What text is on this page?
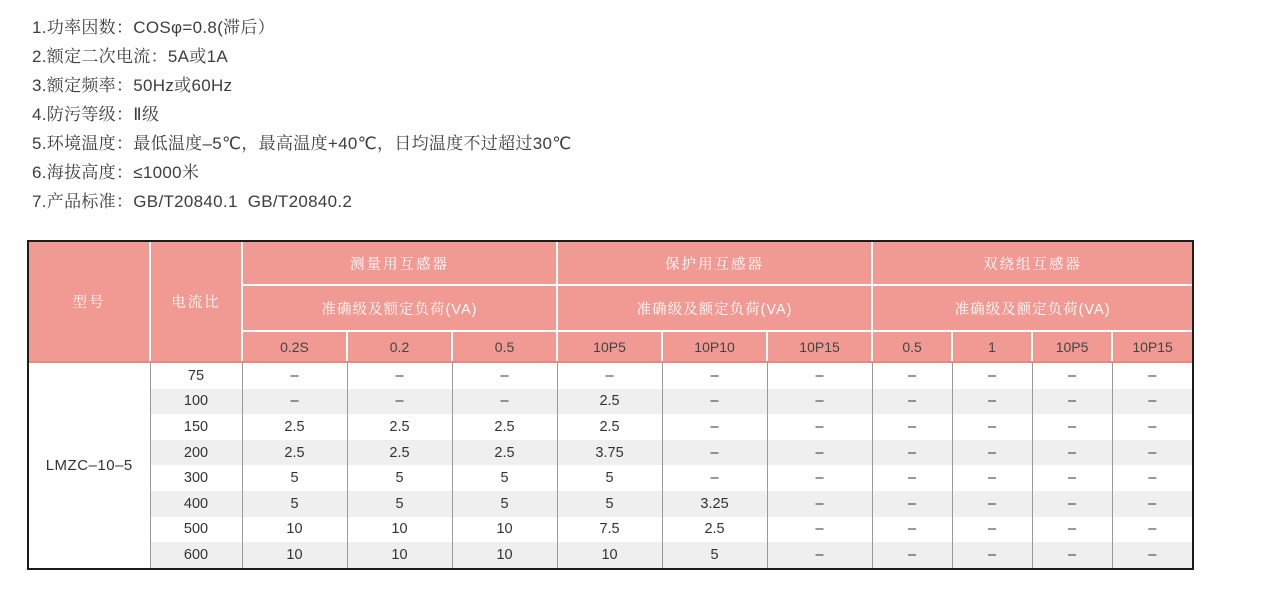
1.功率因数：COSφ=0.8(滞后）
2.额定二次电流：5A或1A
3.额定频率：50Hz或60Hz
4.防污等级：Ⅱ级
5.环境温度：最低温度–5℃，最高温度+40℃，日均温度不过超过30℃
6.海拔高度：≤1000米
7.产品标准：GB/T20840.1  GB/T20840.2
型号	电流比	测量用互感器			保护用互感器			双绕组互感器			
		准确级及额定负荷(VA)			准确级及额定负荷(VA)			准确级及额定负荷(VA)			
		0.2S	0.2	0.5	10P5	10P10	10P15	0.5	1	10P5	10P15
LMZC–10–5	75	–	–	–	–	–	–	–	–	–	–
	100	–	–	–	2.5	–	–	–	–	–	–
	150	2.5	2.5	2.5	2.5	–	–	–	–	–	–
	200	2.5	2.5	2.5	3.75	–	–	–	–	–	–
	300	5	5	5	5	–	–	–	–	–	–
	400	5	5	5	5	3.25	–	–	–	–	–
	500	10	10	10	7.5	2.5	–	–	–	–	–
	600	10	10	10	10	5	–	–	–	–	–
